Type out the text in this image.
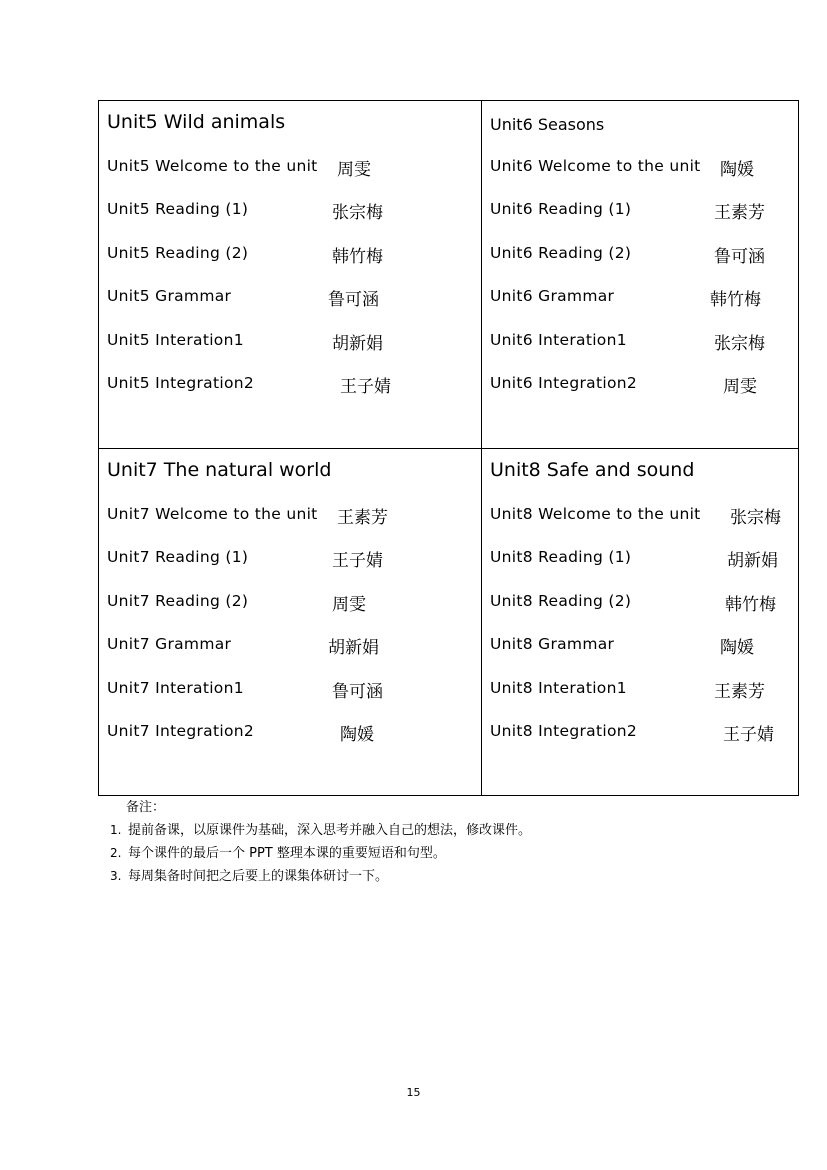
Unit5 Wild animals
Unit5 Welcome to the unit 周雯
Unit5 Reading (1)	张宗梅
Unit5 Reading (2)	韩竹梅
Unit5 Grammar	鲁可涵
Unit5 Interation1	胡新娟
Unit5 Integration2	王子婧
Unit6 Seasons
Unit6 Welcome to the unit 陶媛
Unit6 Reading (1)	王素芳
Unit6 Reading (2)	鲁可涵
Unit6 Grammar	韩竹梅
Unit6 Interation1	张宗梅
Unit6 Integration2	周雯
Unit7 The natural world
Unit7 Welcome to the unit 王素芳
Unit7 Reading (1)	王子婧
Unit7 Reading (2)	周雯
Unit7 Grammar	胡新娟
Unit7 Interation1	鲁可涵
Unit7 Integration2	陶媛
Unit8 Safe and sound
Unit8 Welcome to the unit 张宗梅
Unit8 Reading (1)	胡新娟
Unit8 Reading (2)	韩竹梅
Unit8 Grammar	陶媛
Unit8 Interation1	王素芳
Unit8 Integration2	王子婧
备注：
1. 提前备课，以原课件为基础，深入思考并融入自己的想法，修改课件。
2. 每个课件的最后一个 PPT 整理本课的重要短语和句型。
3. 每周集备时间把之后要上的课集体研讨一下。
15
